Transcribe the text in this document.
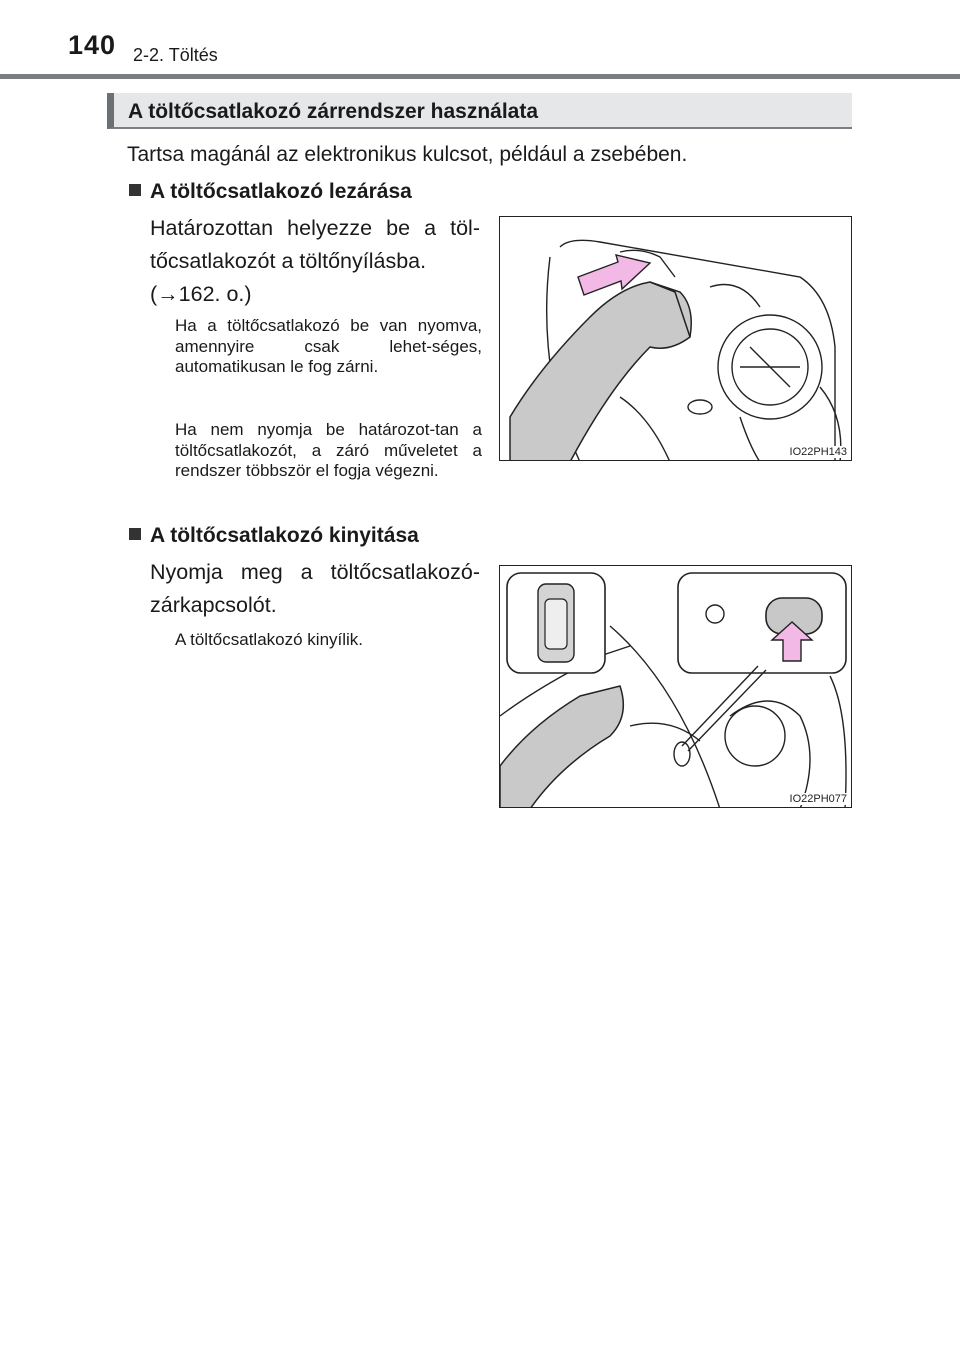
140 2-2. Töltés
A töltőcsatlakozó zárrendszer használata
Tartsa magánál az elektronikus kulcsot, például a zsebében.
A töltőcsatlakozó lezárása
Határozottan helyezze be a töl-
tőcsatlakozót a töltőnyílásba.
(→162. o.)
Ha a töltőcsatlakozó be van nyomva, amennyire csak lehet-séges, automatikusan le fog zárni.
Ha nem nyomja be határozot-tan a töltőcsatlakozót, a záró műveletet a rendszer többször el fogja végezni.
IO22PH143
A töltőcsatlakozó kinyitása
Nyomja meg a töltőcsatlakozó-zárkapcsolót.
A töltőcsatlakozó kinyílik.
IO22PH077
